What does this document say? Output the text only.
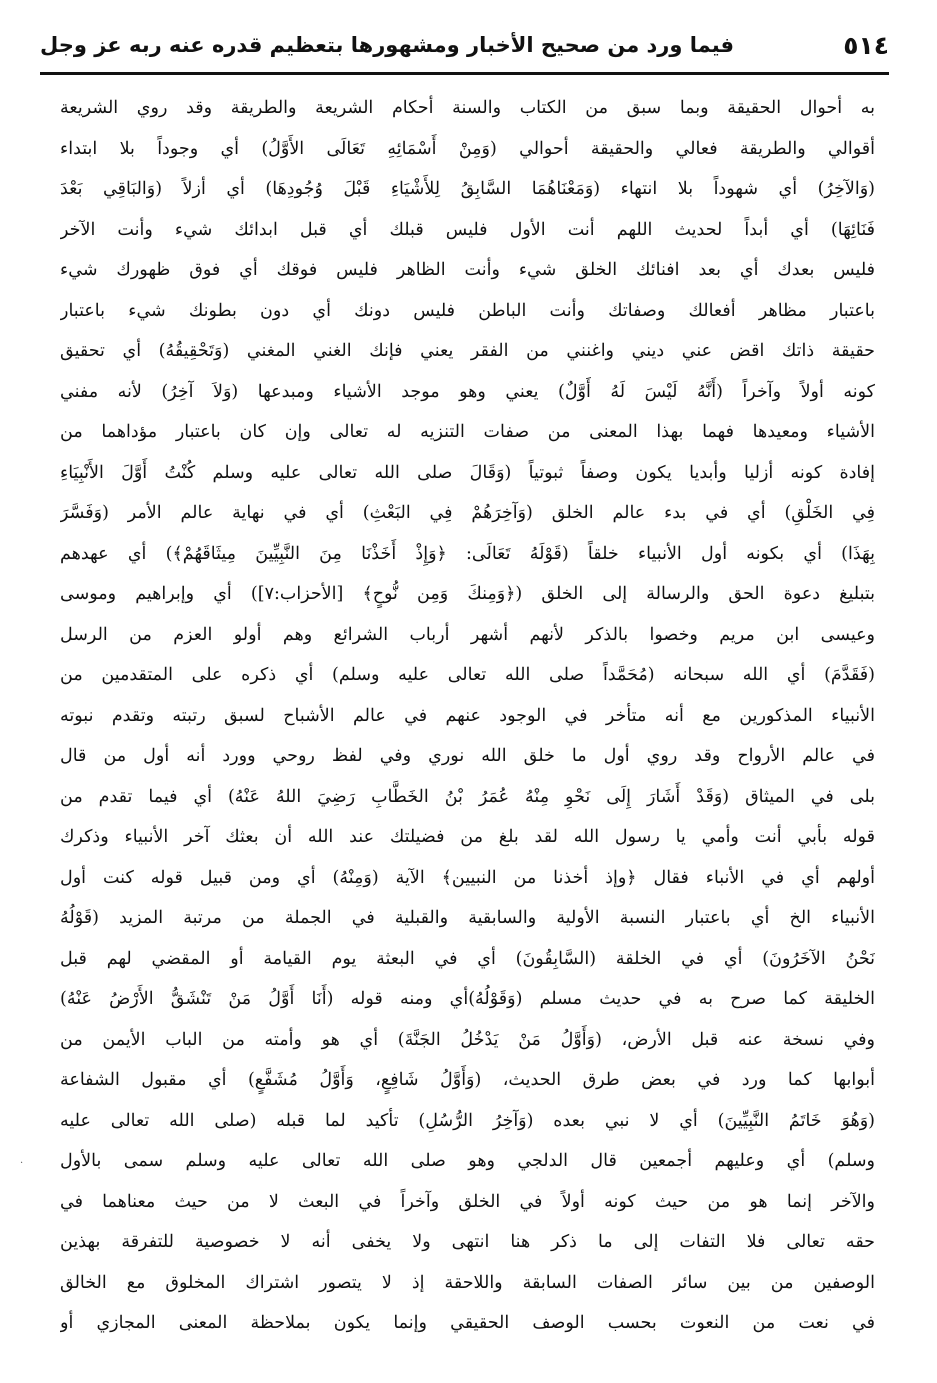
٥١٤
فيما ورد من صحيح الأخبار ومشهورها بتعظيم قدره عنه ربه عز وجل
به أحوال الحقيقة وبما سبق من الكتاب والسنة أحكام الشريعة والطريقة وقد روي الشريعة
أقوالي والطريقة فعالي والحقيقة أحوالي (وَمِنْ أَسْمَائِهِ تَعَالَى الأَوَّلُ) أي وجوداً بلا ابتداء
(وَالآخِرُ) أي شهوداً بلا انتهاء (وَمَعْنَاهُمَا السَّابِقُ لِلأَشْيَاءِ قَبْلَ وُجُودِهَا) أي أزلاً (وَالبَاقِي بَعْدَ
فَنَائِهَا) أي أبداً لحديث اللهم أنت الأول فليس قبلك أي قبل ابدائك شيء وأنت الآخر
فليس بعدك أي بعد افنائك الخلق شيء وأنت الظاهر فليس فوقك أي فوق ظهورك شيء
باعتبار مظاهر أفعالك وصفاتك وأنت الباطن فليس دونك أي دون بطونك شيء باعتبار
حقيقة ذاتك اقض عني ديني واغنني من الفقر يعني فإنك الغني المغني (وَتَحْقِيقُهُ) أي تحقيق
كونه أولاً وآخراً (أَنَّهُ لَيْسَ لَهُ أَوَّلٌ) يعني وهو موجد الأشياء ومبدعها (وَلاَ آخِرُ) لأنه مفني
الأشياء ومعيدها فهما بهذا المعنى من صفات التنزيه له تعالى وإن كان باعتبار مؤداهما من
إفادة كونه أزليا وأبديا يكون وصفاً ثبوتياً (وَقَالَ صلى الله تعالى عليه وسلم كُنْتُ أَوَّلَ الأَنْبِيَاءِ
فِي الخَلْقِ) أي في بدء عالم الخلق (وَآخِرَهُمْ فِي البَعْثِ) أي في نهاية عالم الأمر (وَفَسَّرَ
بِهَذَا) أي بكونه أول الأنبياء خلقاً (قَوْلَهُ تَعَالَى: ﴿وَإِذْ أَخَذْنَا مِنَ النَّبِيِّينَ مِيثَاقَهُمْ﴾) أي عهدهم
بتبليغ دعوة الحق والرسالة إلى الخلق (﴿وَمِنكَ وَمِن نُّوحٍ﴾ [الأحزاب:٧]) أي وإبراهيم وموسى
وعيسى ابن مريم وخصوا بالذكر لأنهم أشهر أرباب الشرائع وهم أولو العزم من الرسل
(فَقَدَّمَ) أي الله سبحانه (مُحَمَّداً صلى الله تعالى عليه وسلم) أي ذكره على المتقدمين من
الأنبياء المذكورين مع أنه متأخر في الوجود عنهم في عالم الأشباح لسبق رتبته وتقدم نبوته
في عالم الأرواح وقد روي أول ما خلق الله نوري وفي لفظ روحي وورد أنه أول من قال
بلى في الميثاق (وَقَدْ أَشَارَ إِلَى نَحْوِ مِنْهُ عُمَرُ بْنُ الخَطَّابِ رَضِيَ اللهُ عَنْهُ) أي فيما تقدم من
قوله بأبي أنت وأمي يا رسول الله لقد بلغ من فضيلتك عند الله أن بعثك آخر الأنبياء وذكرك
أولهم أي في الأنباء فقال ﴿وإذ أخذنا من النبيين﴾ الآية (وَمِنْهُ) أي ومن قبيل قوله كنت أول
الأنبياء الخ أي باعتبار النسبة الأولية والسابقية والقبلية في الجملة من مرتبة المزيد (قَوْلُهُ
نَحْنُ الآخَرُونَ) أي في الخلقة (السَّابِقُونَ) أي في البعثة يوم القيامة أو المقضي لهم قبل
الخليقة كما صرح به في حديث مسلم (وَقَوْلُهُ)أي ومنه قوله (أَنَا أَوَّلُ مَنْ تَنْشَقُّ الأَرْضُ عَنْهُ)
وفي نسخة عنه قبل الأرض، (وَأَوَّلُ مَنْ يَدْخُلُ الجَنَّةَ) أي هو وأمته من الباب الأيمن من
أبوابها كما ورد في بعض طرق الحديث، (وَأَوَّلُ شَافِعٍ، وَأَوَّلُ مُشَفَّعٍ) أي مقبول الشفاعة
(وَهُوَ خَاتَمُ النَّبِيِّينَ) أي لا نبي بعده (وَآخِرُ الرُّسُلِ) تأكيد لما قبله (صلى الله تعالى عليه
وسلم) أي وعليهم أجمعين قال الدلجي وهو صلى الله تعالى عليه وسلم سمى بالأول
والآخر إنما هو من حيث كونه أولاً في الخلق وآخراً في البعث لا من حيث معناهما في
حقه تعالى فلا التفات إلى ما ذكر هنا انتهى ولا يخفى أنه لا خصوصية للتفرقة بهذين
الوصفين من بين سائر الصفات السابقة واللاحقة إذ لا يتصور اشتراك المخلوق مع الخالق
في نعت من النعوت بحسب الوصف الحقيقي وإنما يكون بملاحظة المعنى المجازي أو
·
